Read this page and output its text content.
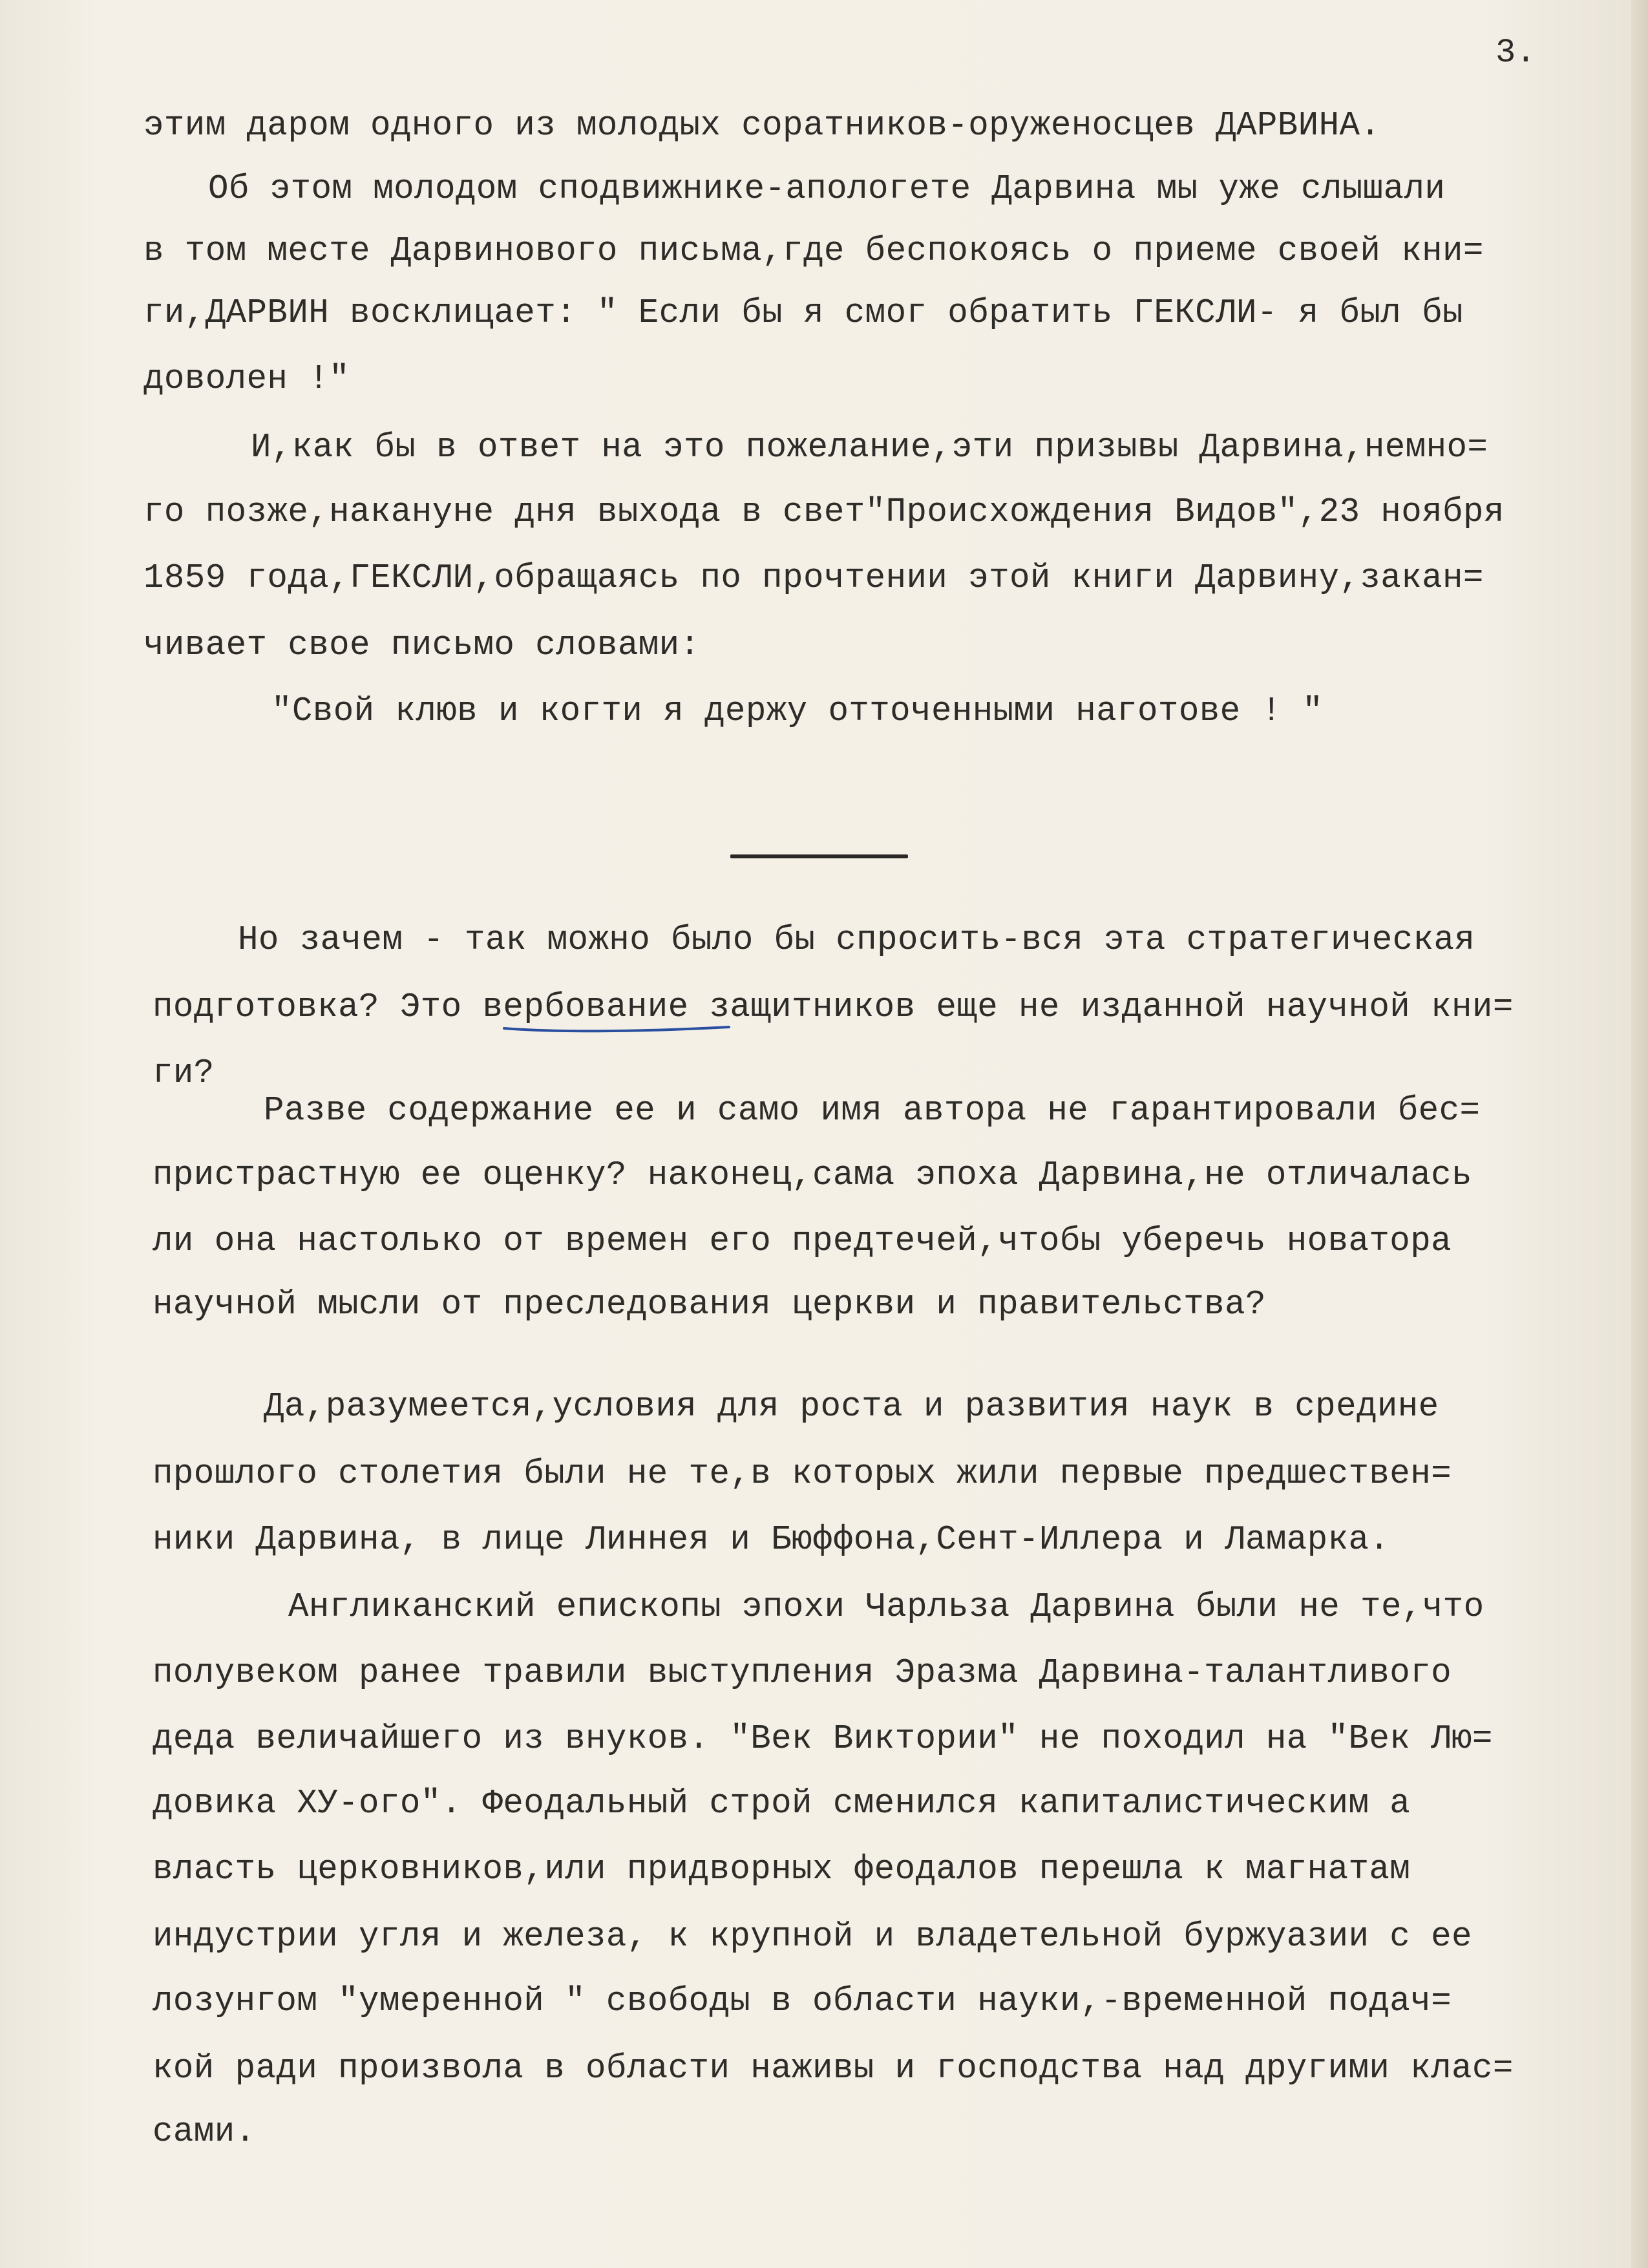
3.
этим даром одного из молодых соратников-оруженосцев ДАРВИНА.
Об этом молодом сподвижнике-апологете Дарвина мы уже слышали
в том месте Дарвинового письма,где беспокоясь о приеме своей кни=
ги,ДАРВИН восклицает: " Если бы я смог обратить ГЕКСЛИ- я был бы
доволен !"
И,как бы в ответ на это пожелание,эти призывы Дарвина,немно=
го позже,накануне дня выхода в свет"Происхождения Видов",23 ноября
1859 года,ГЕКСЛИ,обращаясь по прочтении этой книги Дарвину,закан=
чивает свое письмо словами:
"Свой клюв и когти я держу отточенными наготове ! "
Но зачем - так можно было бы спросить-вся эта стратегическая
подготовка? Это вербование защитников еще не изданной научной кни=
ги?
Разве содержание ее и само имя автора не гарантировали бес=
пристрастную ее оценку? наконец,сама эпоха Дарвина,не отличалась
ли она настолько от времен его предтечей,чтобы уберечь новатора
научной мысли от преследования церкви и правительства?
Да,разумеется,условия для роста и развития наук в средине
прошлого столетия были не те,в которых жили первые предшествен=
ники Дарвина, в лице Линнея и Бюффона,Сент-Иллера и Ламарка.
Англиканский епископы эпохи Чарльза Дарвина были не те,что
полувеком ранее травили выступления Эразма Дарвина-талантливого
деда величайшего из внуков. "Век Виктории" не походил на "Век Лю=
довика ХУ-ого". Феодальный строй сменился капиталистическим а
власть церковников,или придворных феодалов перешла к магнатам
индустрии угля и железа, к крупной и владетельной буржуазии с ее
лозунгом "умеренной " свободы в области науки,-временной подач=
кой ради произвола в области наживы и господства над другими клас=
сами.
